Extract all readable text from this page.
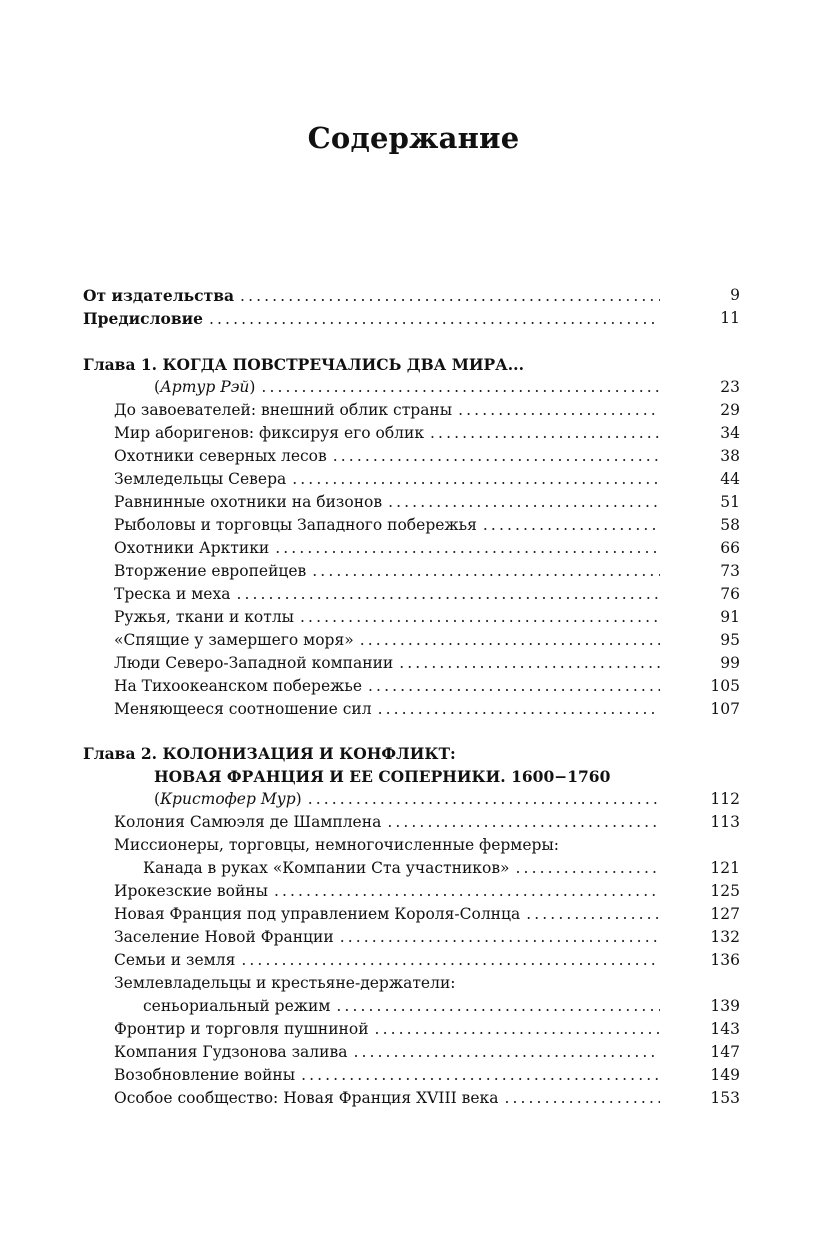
Содержание
От издательства .....	9
Предисловие .....	11
Глава 1. КОГДА ПОВСТРЕЧАЛИСЬ ДВА МИРА...
(Артур Рэй) .....	23
До завоевателей: внешний облик страны .....	29
Мир аборигенов: фиксируя его облик .....	34
Охотники северных лесов .....	38
Земледельцы Севера .....	44
Равнинные охотники на бизонов .....	51
Рыболовы и торговцы Западного побережья .....	58
Охотники Арктики .....	66
Вторжение европейцев .....	73
Треска и меха .....	76
Ружья, ткани и котлы .....	91
«Спящие у замершего моря» .....	95
Люди Северо-Западной компании .....	99
На Тихоокеанском побережье .....	105
Меняющееся соотношение сил .....	107
Глава 2. КОЛОНИЗАЦИЯ И КОНФЛИКТ:
НОВАЯ ФРАНЦИЯ И ЕЕ СОПЕРНИКИ. 1600−1760
(Кристофер Мур) .....	112
Колония Самюэля де Шамплена .....	113
Миссионеры, торговцы, немногочисленные фермеры:
Канада в руках «Компании Ста участников» .....	121
Ирокезские войны .....	125
Новая Франция под управлением Короля-Солнца .....	127
Заселение Новой Франции .....	132
Семьи и земля .....	136
Землевладельцы и крестьяне-держатели:
сеньориальный режим .....	139
Фронтир и торговля пушниной .....	143
Компания Гудзонова залива .....	147
Возобновление войны .....	149
Особое сообщество: Новая Франция XVIII века .....	153
